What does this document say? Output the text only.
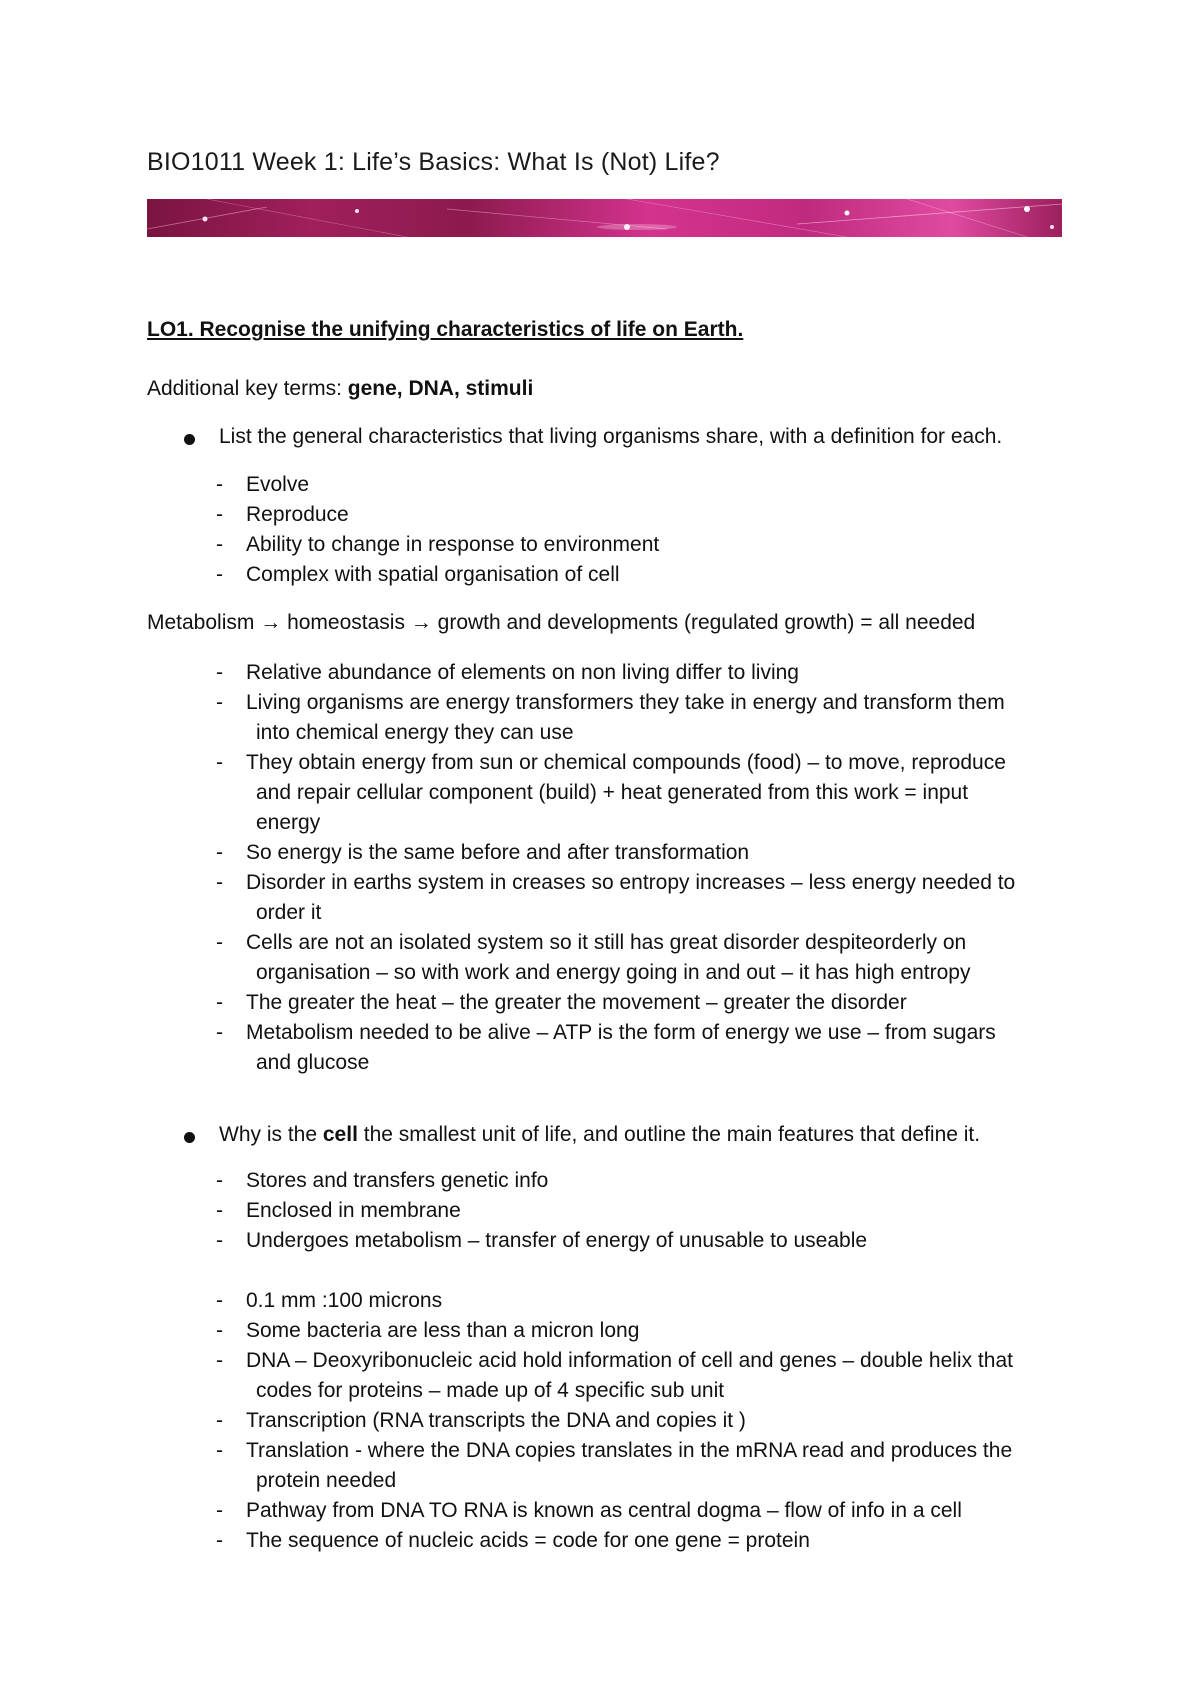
BIO1011 Week 1: Life’s Basics: What Is (Not) Life?
LO1. Recognise the unifying characteristics of life on Earth.
Additional key terms: gene, DNA, stimuli
List the general characteristics that living organisms share, with a definition for each.
- Evolve
- Reproduce
- Ability to change in response to environment
- Complex with spatial organisation of cell
Metabolism → homeostasis → growth and developments (regulated growth) = all needed
- Relative abundance of elements on non living differ to living
- Living organisms are energy transformers they take in energy and transform them
into chemical energy they can use
- They obtain energy from sun or chemical compounds (food) – to move, reproduce
and repair cellular component (build) + heat generated from this work = input
energy
- So energy is the same before and after transformation
- Disorder in earths system in creases so entropy increases – less energy needed to
order it
- Cells are not an isolated system so it still has great disorder despiteorderly on
organisation – so with work and energy going in and out – it has high entropy
- The greater the heat – the greater the movement – greater the disorder
- Metabolism needed to be alive – ATP is the form of energy we use – from sugars
and glucose
Why is the cell the smallest unit of life, and outline the main features that define it.
- Stores and transfers genetic info
- Enclosed in membrane
- Undergoes metabolism – transfer of energy of unusable to useable
- 0.1 mm :100 microns
- Some bacteria are less than a micron long
- DNA – Deoxyribonucleic acid hold information of cell and genes – double helix that
codes for proteins – made up of 4 specific sub unit
- Transcription (RNA transcripts the DNA and copies it )
- Translation - where the DNA copies translates in the mRNA read and produces the
protein needed
- Pathway from DNA TO RNA is known as central dogma – flow of info in a cell
- The sequence of nucleic acids = code for one gene = protein
